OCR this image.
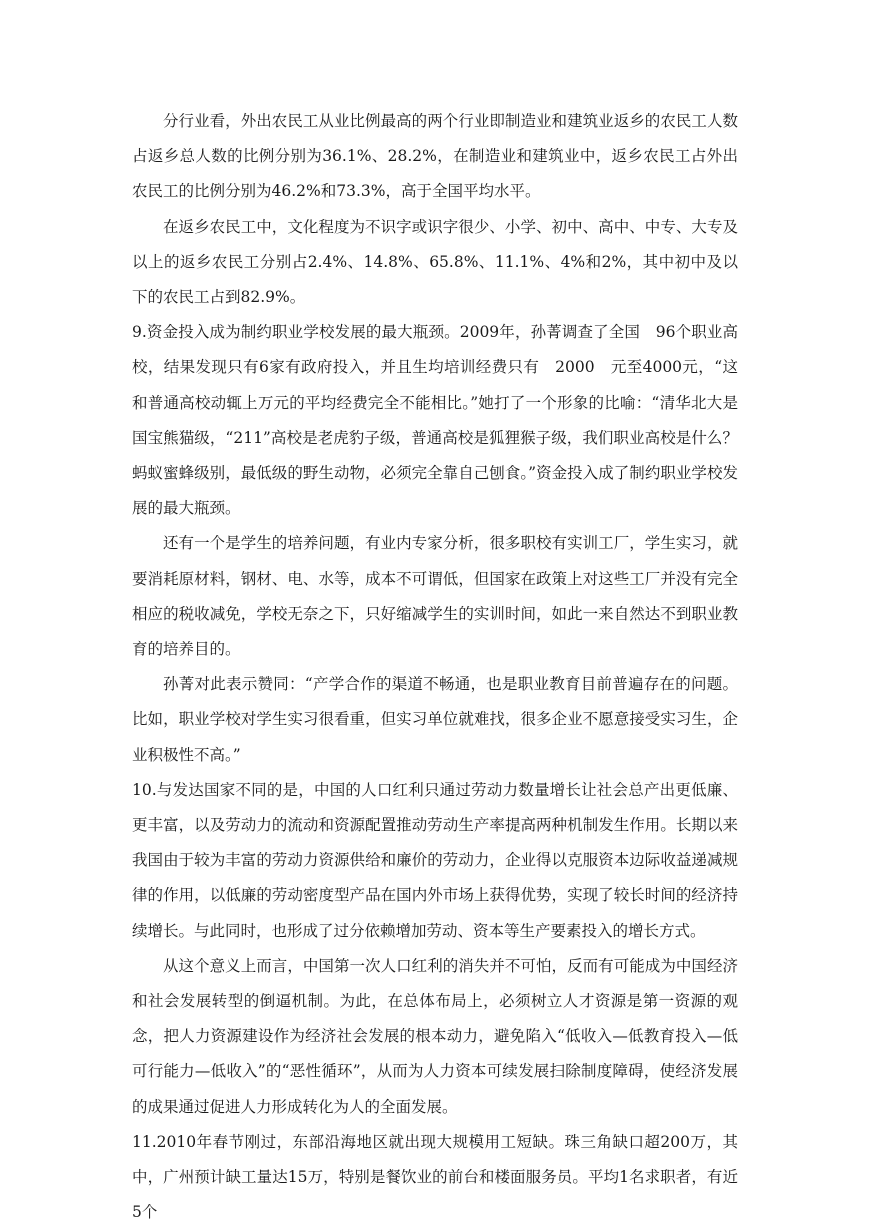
分行业看，外出农民工从业比例最高的两个行业即制造业和建筑业返乡的农民工人数占返乡总人数的比例分别为36.1%、28.2%，在制造业和建筑业中，返乡农民工占外出农民工的比例分别为46.2%和73.3%，高于全国平均水平。

在返乡农民工中，文化程度为不识字或识字很少、小学、初中、高中、中专、大专及以上的返乡农民工分别占2.4%、14.8%、65.8%、11.1%、4%和2%，其中初中及以下的农民工占到82.9%。

9.资金投入成为制约职业学校发展的最大瓶颈。2009年，孙菁调查了全国　96个职业高校，结果发现只有6家有政府投入，并且生均培训经费只有　2000　元至4000元，“这和普通高校动辄上万元的平均经费完全不能相比。”她打了一个形象的比喻：“清华北大是国宝熊猫级，“211”高校是老虎豹子级，普通高校是狐狸猴子级，我们职业高校是什么？蚂蚁蜜蜂级别，最低级的野生动物，必须完全靠自己刨食。”资金投入成了制约职业学校发展的最大瓶颈。

还有一个是学生的培养问题，有业内专家分析，很多职校有实训工厂，学生实习，就要消耗原材料，钢材、电、水等，成本不可谓低，但国家在政策上对这些工厂并没有完全相应的税收减免，学校无奈之下，只好缩减学生的实训时间，如此一来自然达不到职业教育的培养目的。

孙菁对此表示赞同：“产学合作的渠道不畅通，也是职业教育目前普遍存在的问题。比如，职业学校对学生实习很看重，但实习单位就难找，很多企业不愿意接受实习生，企业积极性不高。”

10.与发达国家不同的是，中国的人口红利只通过劳动力数量增长让社会总产出更低廉、更丰富，以及劳动力的流动和资源配置推动劳动生产率提高两种机制发生作用。长期以来我国由于较为丰富的劳动力资源供给和廉价的劳动力，企业得以克服资本边际收益递减规律的作用，以低廉的劳动密度型产品在国内外市场上获得优势，实现了较长时间的经济持续增长。与此同时，也形成了过分依赖增加劳动、资本等生产要素投入的增长方式。

从这个意义上而言，中国第一次人口红利的消失并不可怕，反而有可能成为中国经济和社会发展转型的倒逼机制。为此，在总体布局上，必须树立人才资源是第一资源的观念，把人力资源建设作为经济社会发展的根本动力，避免陷入“低收入—低教育投入—低可行能力—低收入”的“恶性循环”，从而为人力资本可续发展扫除制度障碍，使经济发展的成果通过促进人力形成转化为人的全面发展。

11.2010年春节刚过，东部沿海地区就出现大规模用工短缺。珠三角缺口超200万，其中，广州预计缺工量达15万，特别是餐饮业的前台和楼面服务员。平均1名求职者，有近5个
